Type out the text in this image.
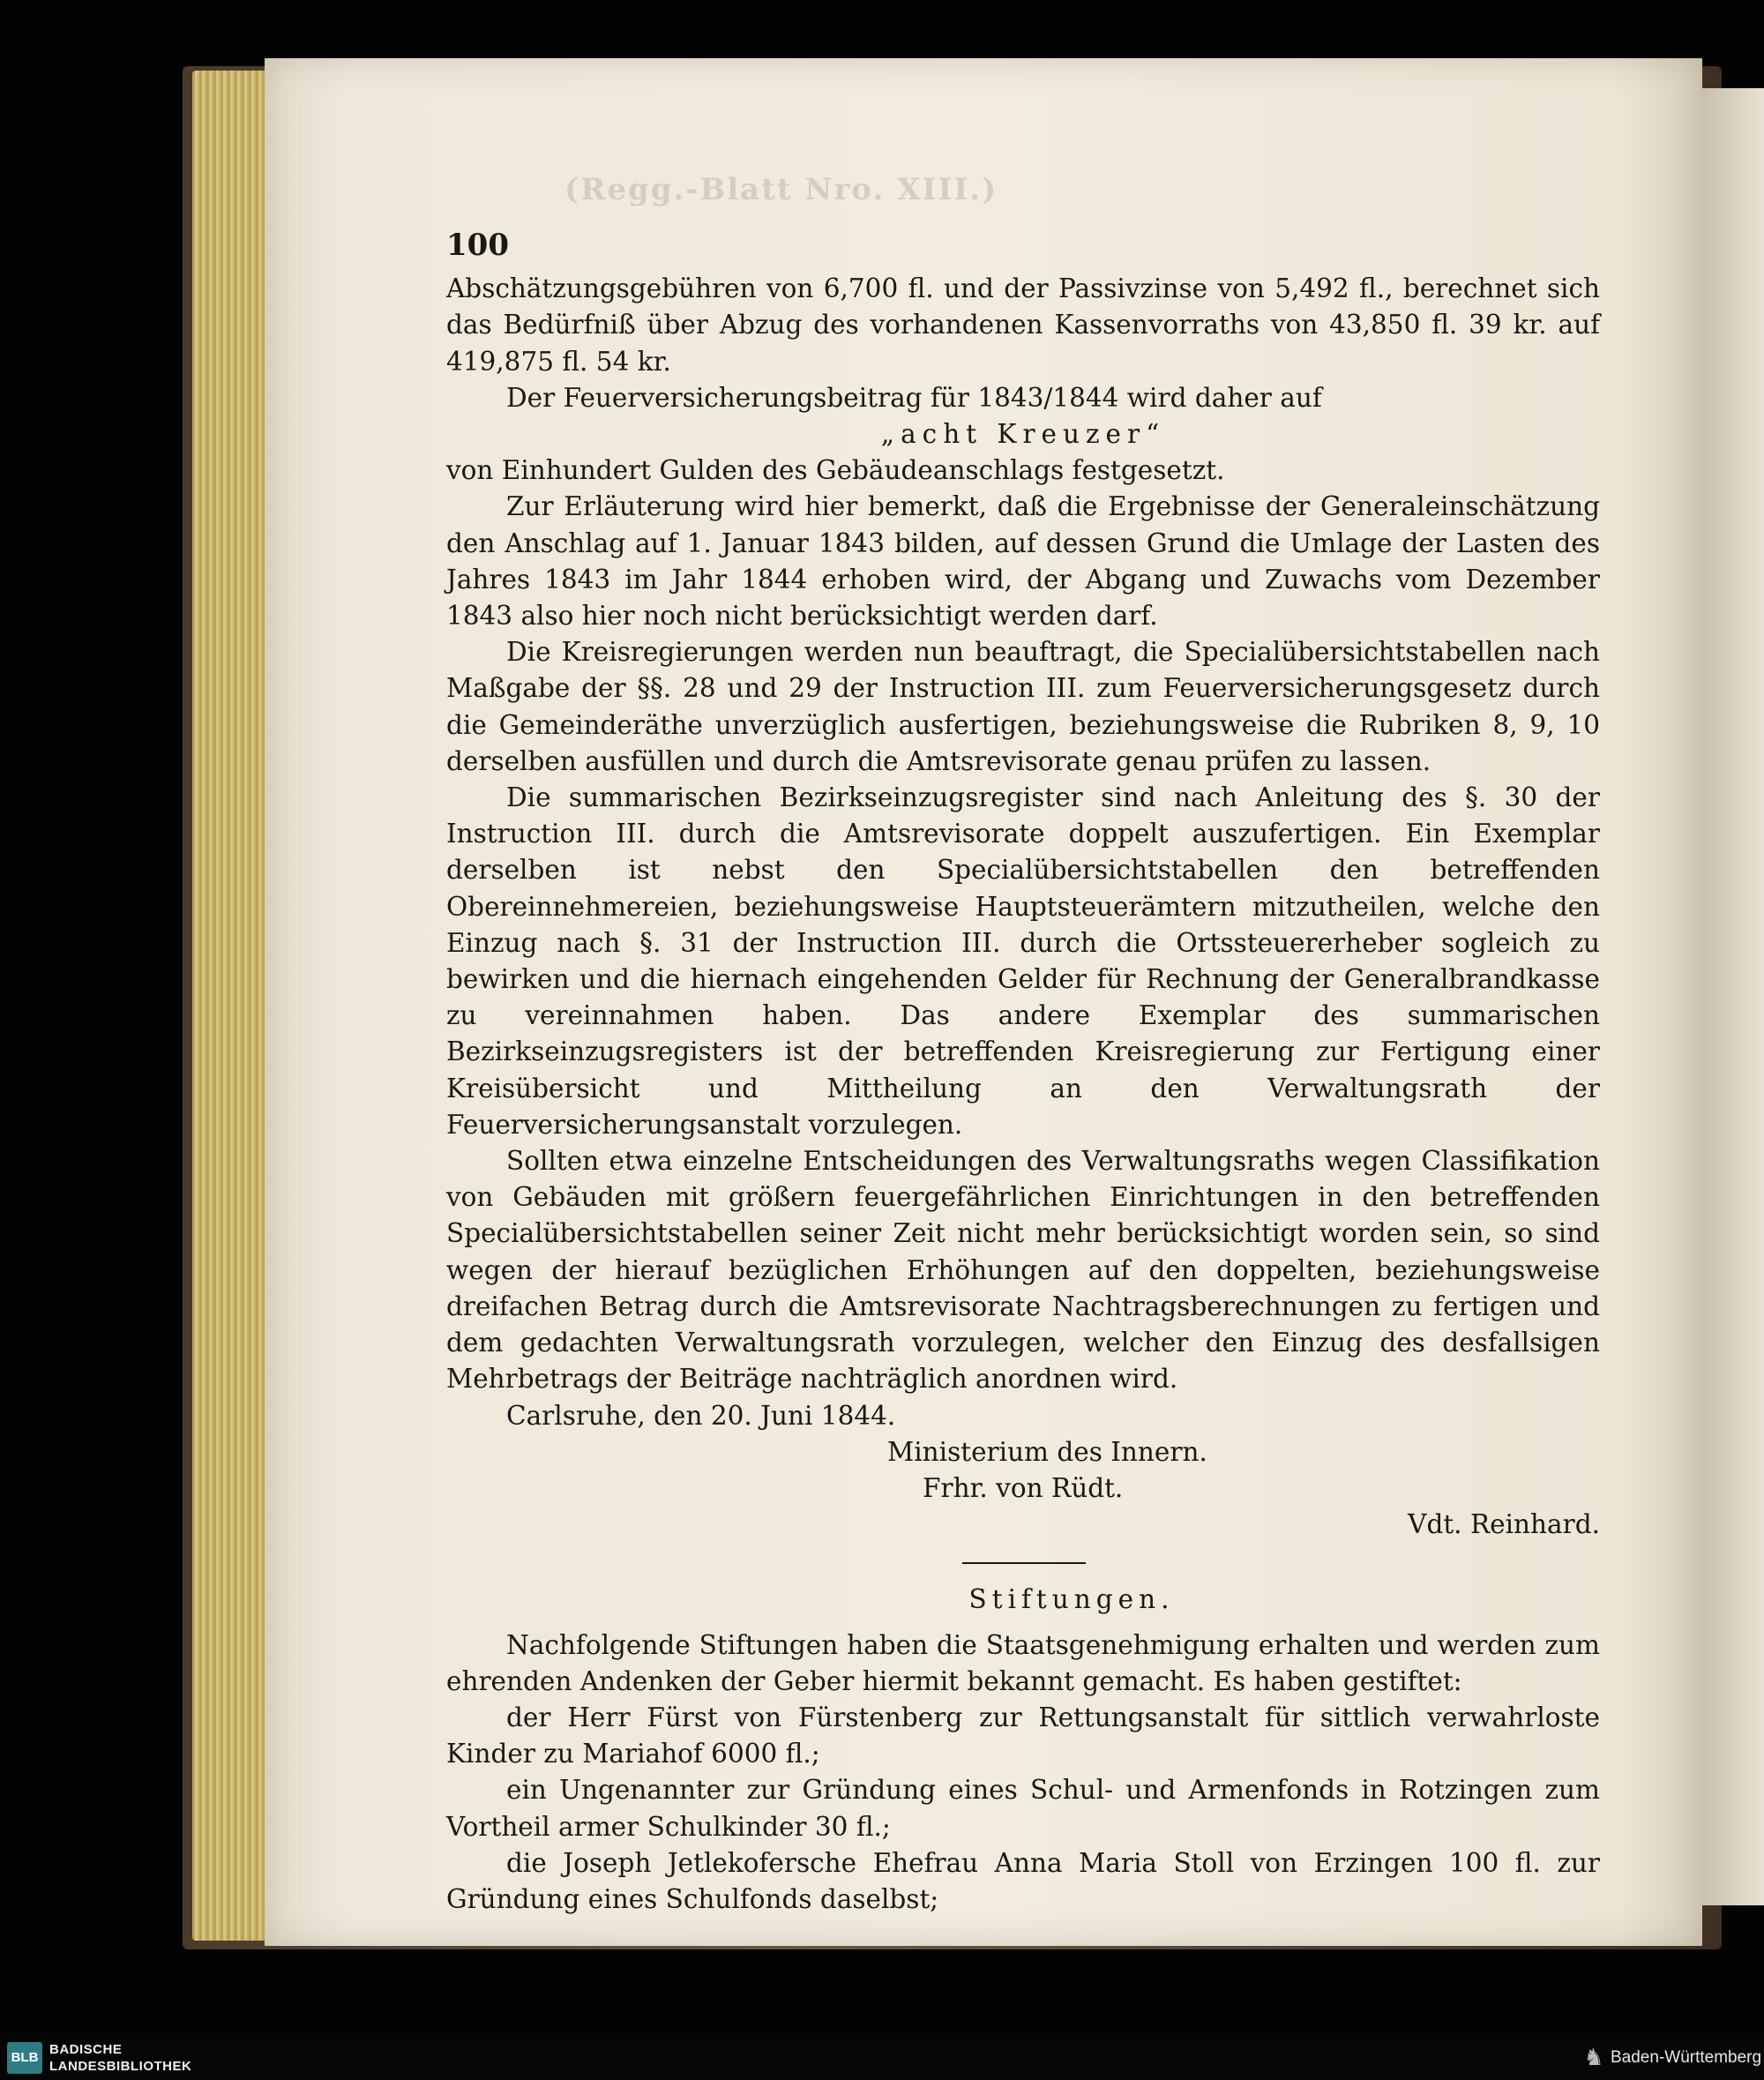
(Regg.-Blatt Nro. XIII.)

100

Abschätzungsgebühren von 6,700 fl. und der Passivzinse von 5,492 fl., berechnet sich das Bedürfniß über Abzug des vorhandenen Kassenvorraths von 43,850 fl. 39 kr. auf 419,875 fl. 54 kr.

Der Feuerversicherungsbeitrag für 1843/1844 wird daher auf

„acht Kreuzer“

von Einhundert Gulden des Gebäudeanschlags festgesetzt.

Zur Erläuterung wird hier bemerkt, daß die Ergebnisse der Generaleinschätzung den Anschlag auf 1. Januar 1843 bilden, auf dessen Grund die Umlage der Lasten des Jahres 1843 im Jahr 1844 erhoben wird, der Abgang und Zuwachs vom Dezember 1843 also hier noch nicht berücksichtigt werden darf.

Die Kreisregierungen werden nun beauftragt, die Specialübersichtstabellen nach Maßgabe der §§. 28 und 29 der Instruction III. zum Feuerversicherungsgesetz durch die Gemeinderäthe unverzüglich ausfertigen, beziehungsweise die Rubriken 8, 9, 10 derselben ausfüllen und durch die Amtsrevisorate genau prüfen zu lassen.

Die summarischen Bezirkseinzugsregister sind nach Anleitung des §. 30 der Instruction III. durch die Amtsrevisorate doppelt auszufertigen. Ein Exemplar derselben ist nebst den Specialübersichtstabellen den betreffenden Obereinnehmereien, beziehungsweise Hauptsteuerämtern mitzutheilen, welche den Einzug nach §. 31 der Instruction III. durch die Ortssteuererheber sogleich zu bewirken und die hiernach eingehenden Gelder für Rechnung der Generalbrandkasse zu vereinnahmen haben. Das andere Exemplar des summarischen Bezirkseinzugsregisters ist der betreffenden Kreisregierung zur Fertigung einer Kreisübersicht und Mittheilung an den Verwaltungsrath der Feuerversicherungsanstalt vorzulegen.

Sollten etwa einzelne Entscheidungen des Verwaltungsraths wegen Classifikation von Gebäuden mit größern feuergefährlichen Einrichtungen in den betreffenden Specialübersichtstabellen seiner Zeit nicht mehr berücksichtigt worden sein, so sind wegen der hierauf bezüglichen Erhöhungen auf den doppelten, beziehungsweise dreifachen Betrag durch die Amtsrevisorate Nachtragsberechnungen zu fertigen und dem gedachten Verwaltungsrath vorzulegen, welcher den Einzug des desfallsigen Mehrbetrags der Beiträge nachträglich anordnen wird.

Carlsruhe, den 20. Juni 1844.

Ministerium des Innern.

Frhr. von Rüdt.

Vdt. Reinhard.

Stiftungen.

Nachfolgende Stiftungen haben die Staatsgenehmigung erhalten und werden zum ehrenden Andenken der Geber hiermit bekannt gemacht. Es haben gestiftet:

der Herr Fürst von Fürstenberg zur Rettungsanstalt für sittlich verwahrloste Kinder zu Mariahof 6000 fl.;

ein Ungenannter zur Gründung eines Schul- und Armenfonds in Rotzingen zum Vortheil armer Schulkinder 30 fl.;

die Joseph Jetlekofersche Ehefrau Anna Maria Stoll von Erzingen 100 fl. zur Gründung eines Schulfonds daselbst;

BLB
BADISCHE
LANDESBIBLIOTHEK	♞ Baden-Württemberg
